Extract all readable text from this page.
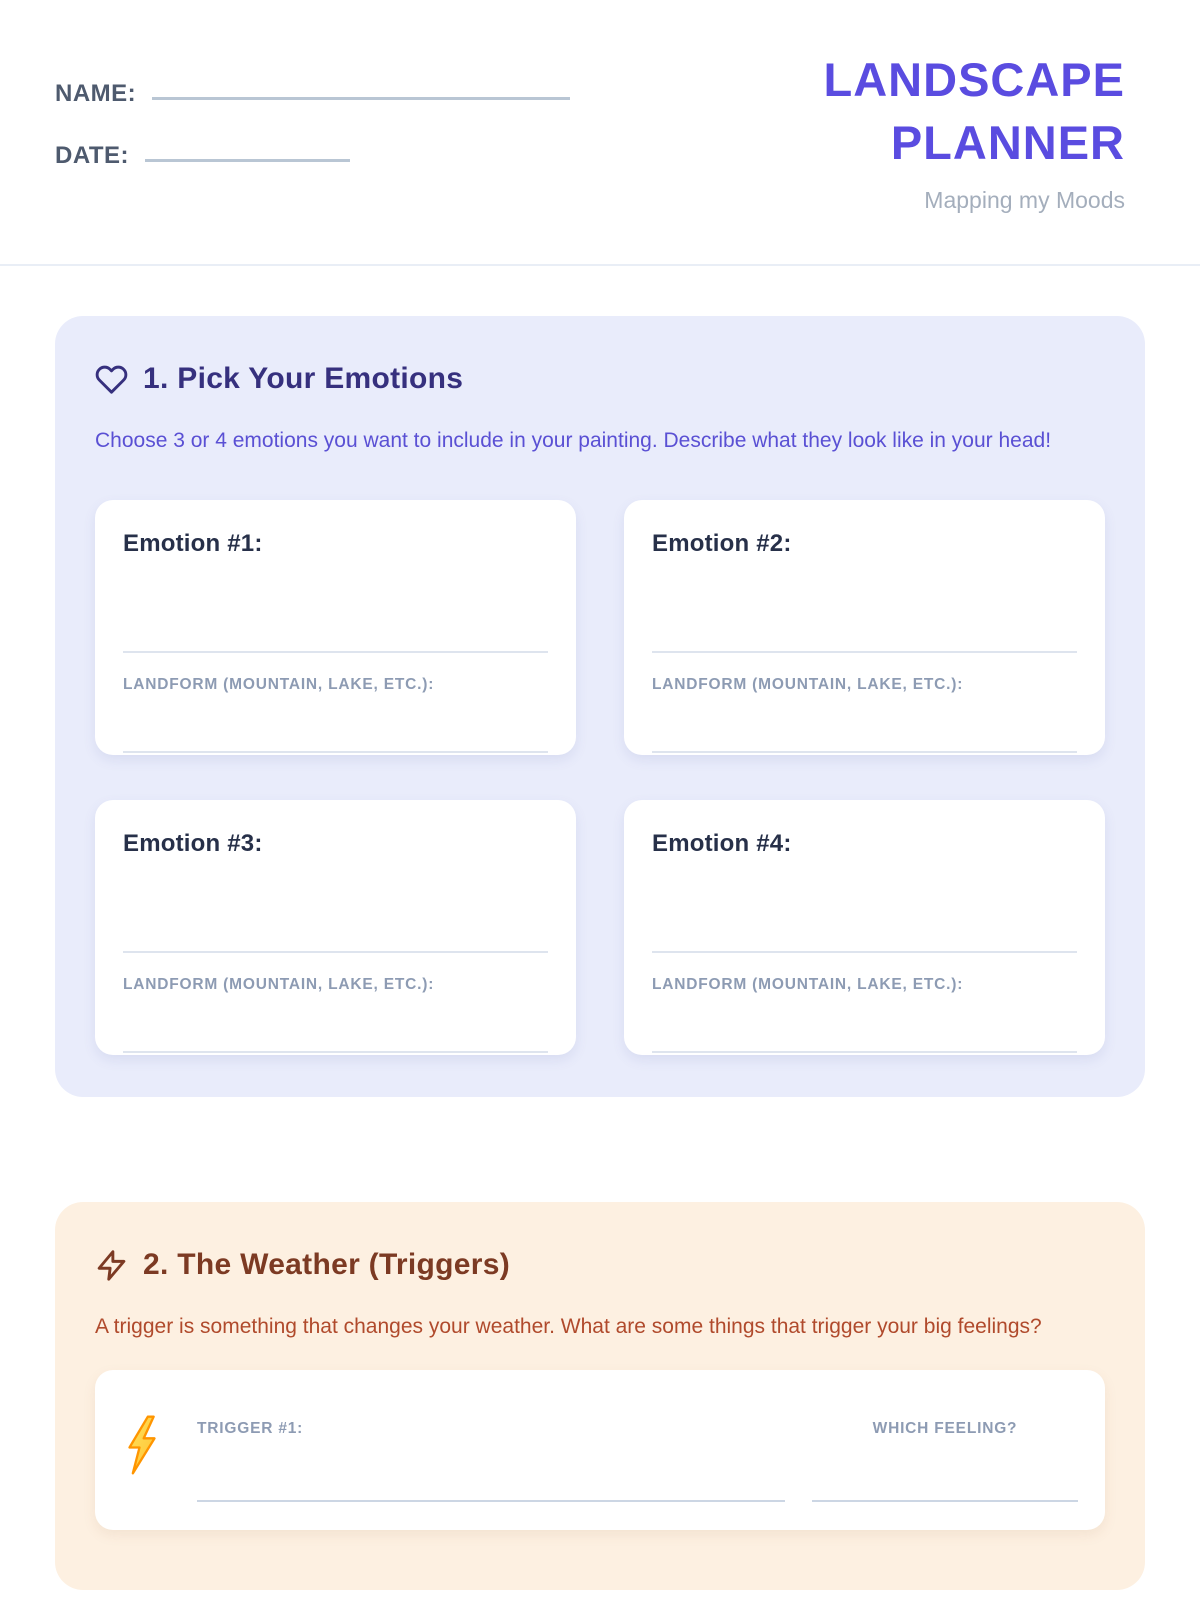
NAME:
DATE:
LANDSCAPE
PLANNER
Mapping my Moods
1. Pick Your Emotions

Choose 3 or 4 emotions you want to include in your painting. Describe what they look like in your head!

Emotion #1:
LANDFORM (MOUNTAIN, LAKE, ETC.):
Emotion #2:
LANDFORM (MOUNTAIN, LAKE, ETC.):
Emotion #3:
LANDFORM (MOUNTAIN, LAKE, ETC.):
Emotion #4:
LANDFORM (MOUNTAIN, LAKE, ETC.):
2. The Weather (Triggers)

A trigger is something that changes your weather. What are some things that trigger your big feelings?

TRIGGER #1:	WHICH FEELING?
